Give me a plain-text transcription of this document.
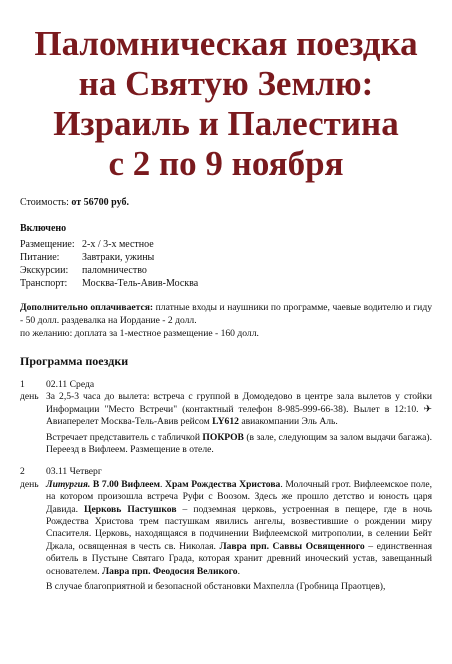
Паломническая поездка
на Святую Землю:
Израиль и Палестина
с 2 по 9 ноября
Стоимость: от 56700 руб.
Включено
Размещение: 2-х / 3-х местное
Питание:	Завтраки, ужины
Экскурсии:	паломничество
Транспорт:	Москва-Тель-Авив-Москва
Дополнительно оплачивается: платные входы и наушники по программе, чаевые водителю и гиду - 50 долл. раздевалка на Иордание - 2 долл.
по желанию: доплата за 1-местное размещение - 160 долл.
Программа поездки
1	02.11 Среда
день За 2,5-3 часа до вылета: встреча с группой в Домодедово в центре зала вылетов у стойки Информации "Место Встречи" (контактный телефон 8-985-999-66-38). Вылет в 12:10. ✈Авиаперелет Москва-Тель-Авив рейсом LY612 авиакомпании Эль Аль.

Встречает представитель с табличкой ПОКРОВ (в зале, следующим за залом выдачи багажа). Переезд в Вифлеем. Размещение в отеле.

2	03.11 Четверг
день Литургия. В 7.00 Вифлеем. Храм Рождества Христова. Молочный грот. Вифлеемское поле, на котором произошла встреча Руфи с Воозом. Здесь же прошло детство и юность царя Давида. Церковь Пастушков – подземная церковь, устроенная в пещере, где в ночь Рождества Христова трем пастушкам явились ангелы, возвестившие о рождении миру Спасителя. Церковь, находящаяся в подчинении Вифлеемской митрополии, в селении Бейт Джала, освященная в честь св. Николая. Лавра прп. Саввы Освященного – единственная обитель в Пустыне Святаго Града, которая хранит древний иноческий устав, завещанный основателем. Лавра прп. Феодосия Великого.

В случае благоприятной и безопасной обстановки Махпелла (Гробница Праотцев),
